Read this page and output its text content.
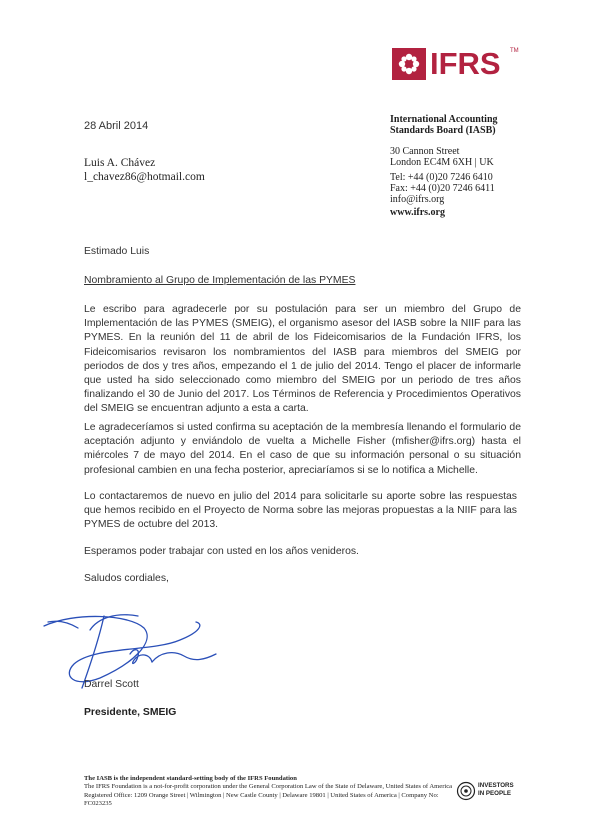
IFRS TM
International Accounting
Standards Board (IASB)
30 Cannon Street
London EC4M 6XH | UK
Tel: +44 (0)20 7246 6410
Fax: +44 (0)20 7246 6411
info@ifrs.org
www.ifrs.org
28 Abril 2014
Luis A. Chávez
l_chavez86@hotmail.com
Estimado Luis
Nombramiento al Grupo de Implementación de las PYMES
Le escribo para agradecerle por su postulación para ser un miembro del Grupo de Implementación de las PYMES (SMEIG), el organismo asesor del IASB sobre la NIIF para las PYMES. En la reunión del 11 de abril de los Fideicomisarios de la Fundación IFRS, los Fideicomisarios revisaron los nombramientos del IASB para miembros del SMEIG por periodos de dos y tres años, empezando el 1 de julio del 2014. Tengo el placer de informarle que usted ha sido seleccionado como miembro del SMEIG por un periodo de tres años finalizando el 30 de Junio del 2017. Los Términos de Referencia y Procedimientos Operativos del SMEIG se encuentran adjunto a esta a carta.
Le agradeceríamos si usted confirma su aceptación de la membresía llenando el formulario de aceptación adjunto y enviándolo de vuelta a Michelle Fisher (mfisher@ifrs.org) hasta el miércoles 7 de mayo del 2014. En el caso de que su información personal o su situación profesional cambien en una fecha posterior, apreciaríamos si se lo notifica a Michelle.
Lo contactaremos de nuevo en julio del 2014 para solicitarle su aporte sobre las respuestas que hemos recibido en el Proyecto de Norma sobre las mejoras propuestas a la NIIF para las PYMES de octubre del 2013.
Esperamos poder trabajar con usted en los años venideros.
Saludos cordiales,
Darrel Scott
Presidente, SMEIG
The IASB is the independent standard-setting body of the IFRS Foundation
The IFRS Foundation is a not-for-profit corporation under the General Corporation Law of the State of Delaware, United States of America
Registered Office: 1209 Orange Street | Wilmington | New Castle County | Delaware 19801 | United States of America | Company No: FC023235
INVESTORS
IN PEOPLE
